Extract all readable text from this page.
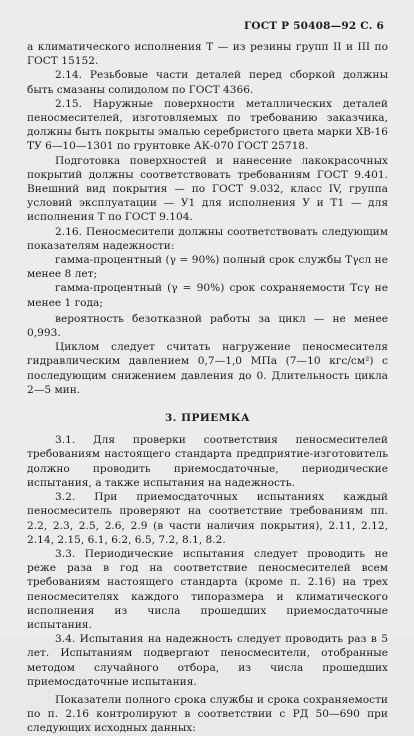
ГОСТ Р 50408—92 С. 6

а климатического исполнения Т — из резины групп II и III по ГОСТ 15152.

2.14. Резьбовые части деталей перед сборкой должны быть смазаны солидолом по ГОСТ 4366.

2.15. Наружные поверхности металлических деталей пеносмесителей, изготовляемых по требованию заказчика, должны быть покрыты эмалью серебристого цвета марки ХВ-16 ТУ 6—10—1301 по грунтовке АК-070 ГОСТ 25718.

Подготовка поверхностей и нанесение лакокрасочных покрытий должны соответствовать требованиям ГОСТ 9.401. Внешний вид покрытия — по ГОСТ 9.032, класс IV, группа условий эксплуатации — У1 для исполнения У и Т1 — для исполнения Т по ГОСТ 9.104.

2.16. Пеносмесители должны соответствовать следующим показателям надежности:

гамма-процентный (γ = 90%) полный срок службы Тγсл не менее 8 лет;

гамма-процентный (γ = 90%) срок сохраняемости Тсγ не менее 1 года;

вероятность безотказной работы за цикл — не менее 0,993.

Циклом следует считать нагружение пеносмесителя гидравлическим давлением 0,7—1,0 МПа (7—10 кгс/см²) с последующим снижением давления до 0. Длительность цикла 2—5 мин.

3. ПРИЕМКА

3.1. Для проверки соответствия пеносмесителей требованиям настоящего стандарта предприятие-изготовитель должно проводить приемосдаточные, периодические испытания, а также испытания на надежность.

3.2. При приемосдаточных испытаниях каждый пеносмеситель проверяют на соответствие требованиям пп. 2.2, 2.3, 2.5, 2.6, 2.9 (в части наличия покрытия), 2.11, 2.12, 2.14, 2.15, 6.1, 6.2, 6.5, 7.2, 8.1, 8.2.

3.3. Периодические испытания следует проводить не реже раза в год на соответствие пеносмесителей всем требованиям настоящего стандарта (кроме п. 2.16) на трех пеносмесителях каждого типоразмера и климатического исполнения из числа прошедших приемосдаточные испытания.

3.4. Испытания на надежность следует проводить раз в 5 лет. Испытаниям подвергают пеносмесители, отобранные методом случайного отбора, из числа прошедших приемосдаточные испытания.

Показатели полного срока службы и срока сохраняемости по п. 2.16 контролируют в соответствии с РД 50—690 при следующих исходных данных:
